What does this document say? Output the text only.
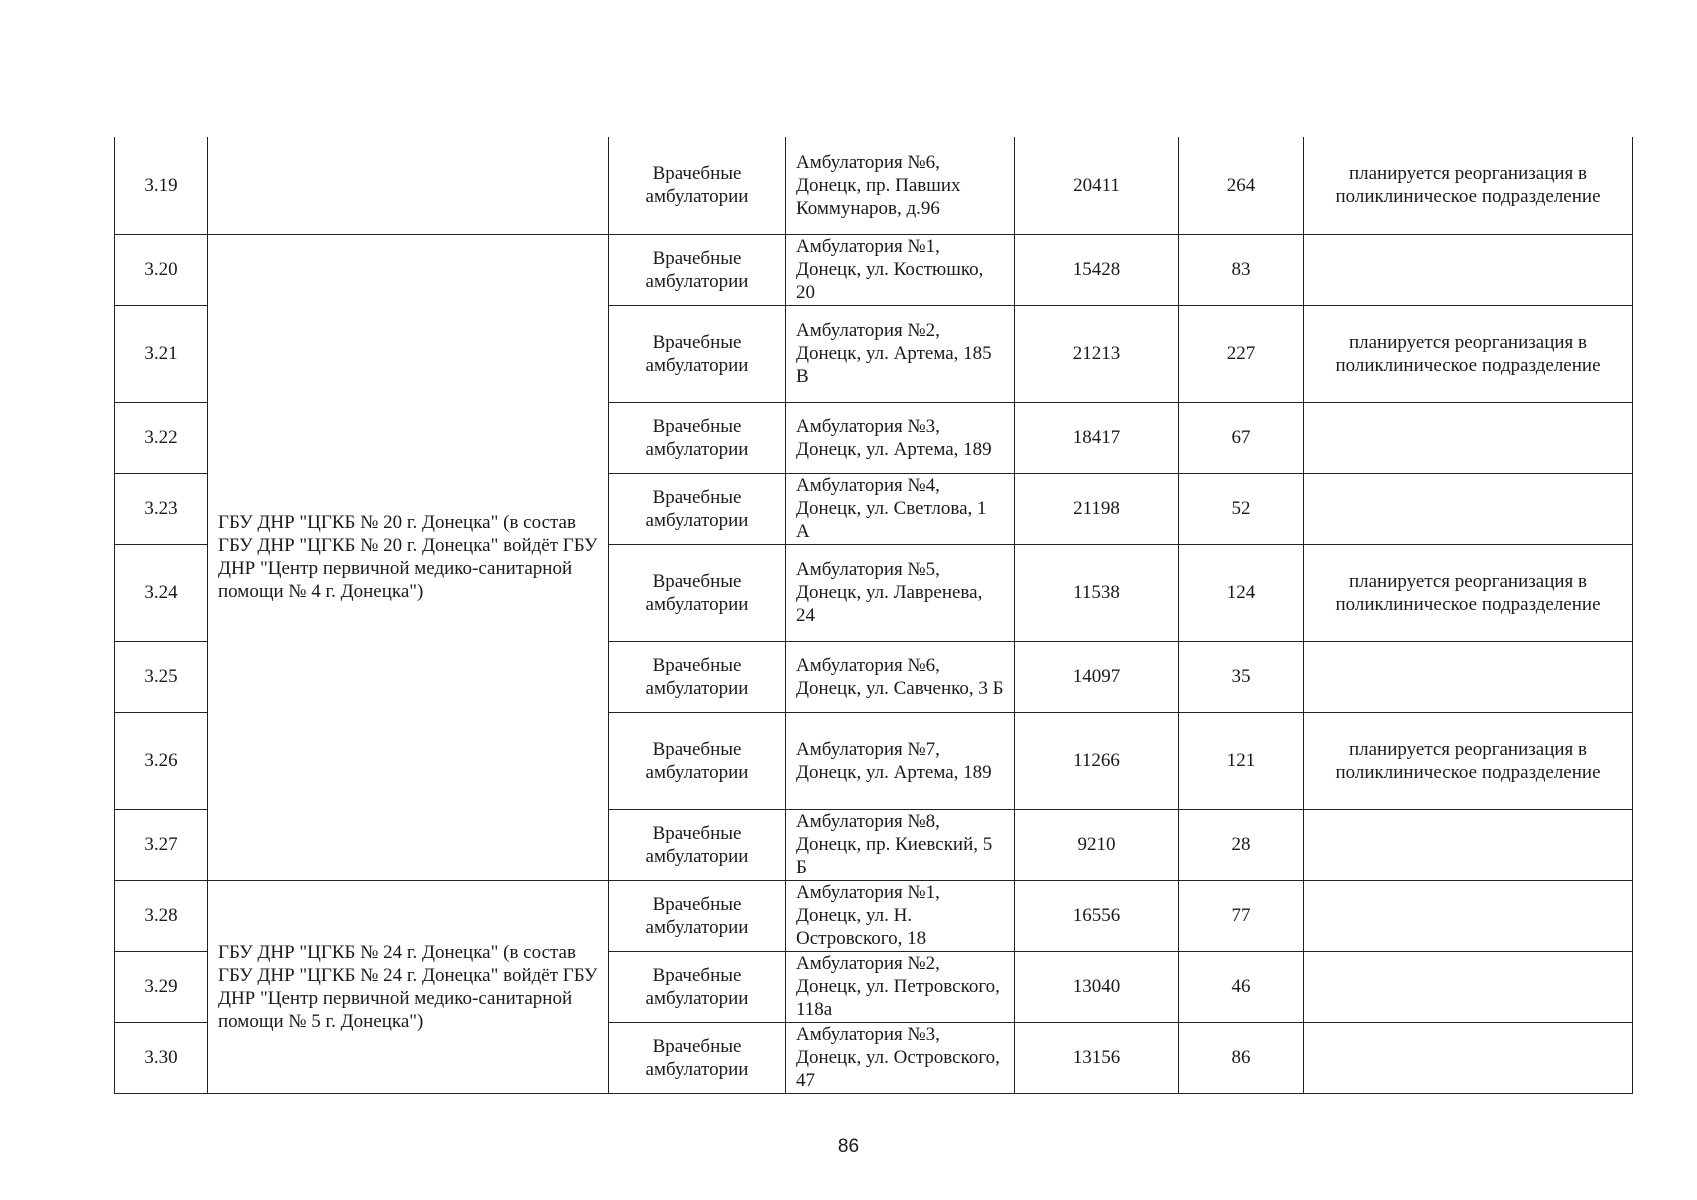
3.19		Врачебные амбулатории	Амбулатория №6, Донецк, пр. Павших Коммунаров, д.96	20411	264	планируется реорганизация в поликлиническое подразделение
3.20	ГБУ ДНР "ЦГКБ № 20 г. Донецка" (в состав ГБУ ДНР "ЦГКБ № 20 г. Донецка" войдёт ГБУ ДНР "Центр первичной медико-санитарной помощи № 4 г. Донецка")	Врачебные амбулатории	Амбулатория №1, Донецк, ул. Костюшко, 20	15428	83	
3.21		Врачебные амбулатории	Амбулатория №2, Донецк, ул. Артема, 185 В	21213	227	планируется реорганизация в поликлиническое подразделение
3.22		Врачебные амбулатории	Амбулатория №3, Донецк, ул. Артема, 189	18417	67	
3.23		Врачебные амбулатории	Амбулатория №4, Донецк, ул. Светлова, 1 А	21198	52	
3.24		Врачебные амбулатории	Амбулатория №5, Донецк, ул. Лавренева, 24	11538	124	планируется реорганизация в поликлиническое подразделение
3.25		Врачебные амбулатории	Амбулатория №6, Донецк, ул. Савченко, 3 Б	14097	35	
3.26		Врачебные амбулатории	Амбулатория №7, Донецк, ул. Артема, 189	11266	121	планируется реорганизация в поликлиническое подразделение
3.27		Врачебные амбулатории	Амбулатория №8, Донецк, пр. Киевский, 5 Б	9210	28	
3.28	ГБУ ДНР "ЦГКБ № 24 г. Донецка" (в состав ГБУ ДНР "ЦГКБ № 24 г. Донецка" войдёт ГБУ ДНР "Центр первичной медико-санитарной помощи № 5 г. Донецка")	Врачебные амбулатории	Амбулатория №1, Донецк, ул. Н. Островского, 18	16556	77	
3.29		Врачебные амбулатории	Амбулатория №2, Донецк, ул. Петровского, 118а	13040	46	
3.30		Врачебные амбулатории	Амбулатория №3, Донецк, ул. Островского, 47	13156	86	
86
